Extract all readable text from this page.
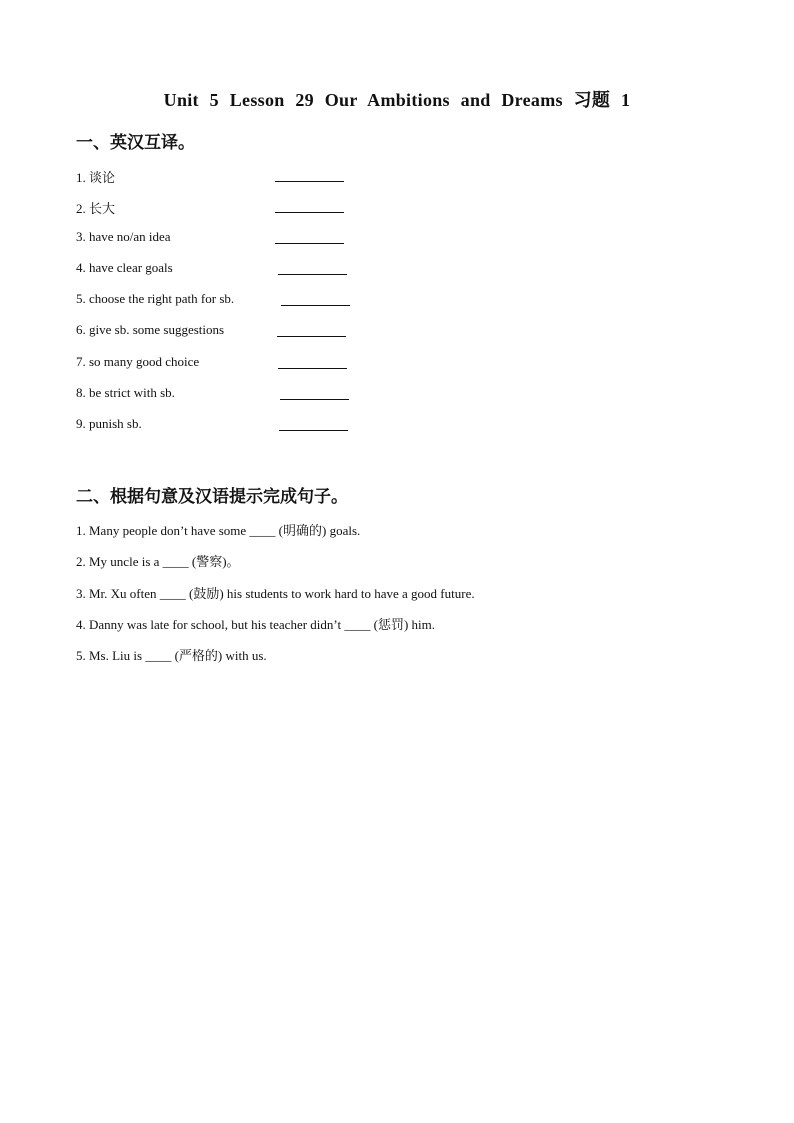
Unit 5 Lesson 29 Our Ambitions and Dreams 习题 1
一、英汉互译。
1. 谈论
2. 长大
3. have no/an idea
4. have clear goals
5. choose the right path for sb.
6. give sb. some suggestions
7. so many good choice
8. be strict with sb.
9. punish sb.
二、根据句意及汉语提示完成句子。
1. Many people don’t have some ____ (明确的) goals.
2. My uncle is a ____ (警察)。
3. Mr. Xu often ____ (鼓励) his students to work hard to have a good future.
4. Danny was late for school, but his teacher didn’t ____ (惩罚) him.
5. Ms. Liu is ____ (严格的) with us.
